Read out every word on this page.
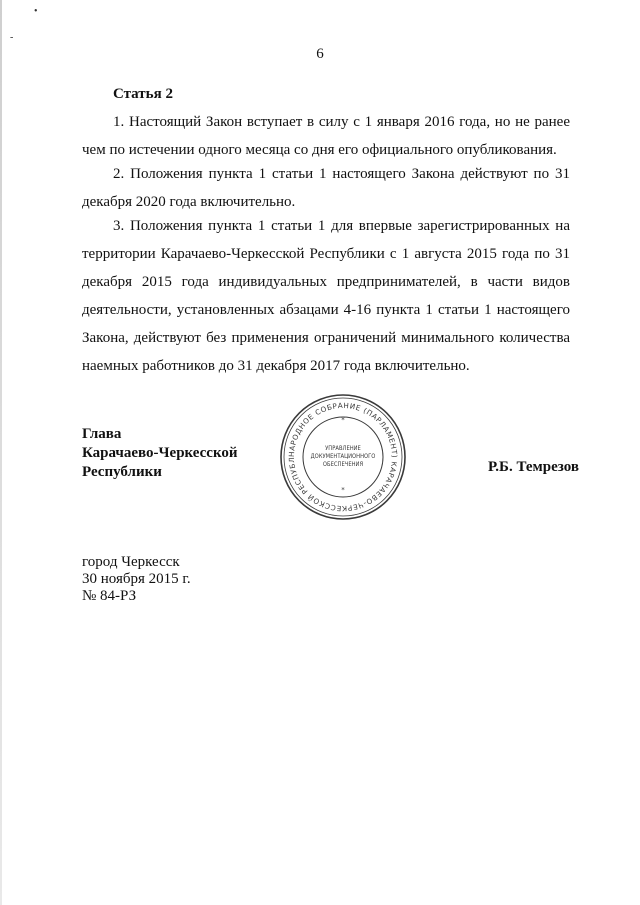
•
-
6
Статья 2
1. Настоящий Закон вступает в силу с 1 января 2016 года, но не ранее чем по истечении одного месяца со дня его официального опубликования.
2. Положения пункта 1 статьи 1 настоящего Закона действуют по 31 декабря 2020 года включительно.
3. Положения пункта 1 статьи 1 для впервые зарегистрированных на территории Карачаево-Черкесской Республики с 1 августа 2015 года по 31 декабря 2015 года индивидуальных предпринимателей, в части видов деятельности, установленных абзацами 4-16 пункта 1 статьи 1 настоящего Закона, действуют без применения ограничений минимального количества наемных работников до 31 декабря 2017 года включительно.
Глава
Карачаево-Черкесской
Республики
НАРОДНОЕ СОБРАНИЕ (ПАРЛАМЕНТ) КАРАЧАЕВО-ЧЕРКЕССКОЙ РЕСПУБЛ
УПРАВЛЕНИЕ
ДОКУМЕНТАЦИОННОГО
ОБЕСПЕЧЕНИЯ
*
*
Р.Б. Темрезов
город Черкесск
30 ноября 2015 г.
№ 84-РЗ
